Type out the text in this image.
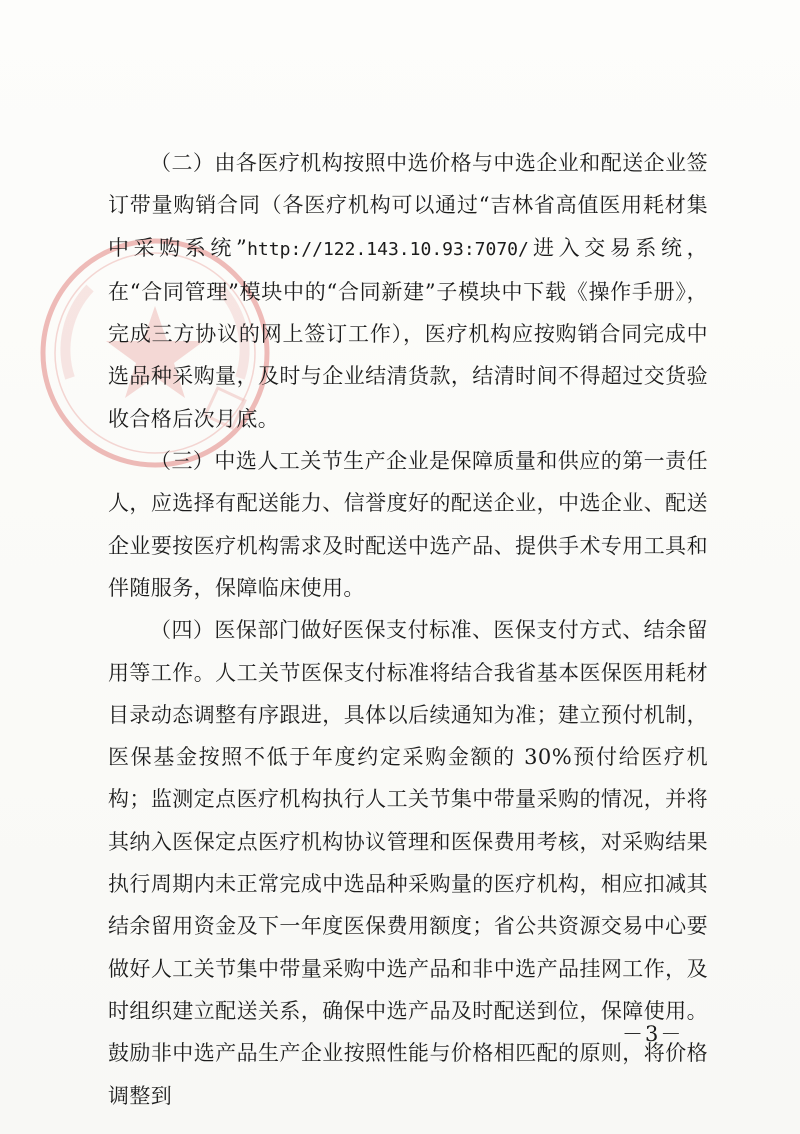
（二）由各医疗机构按照中选价格与中选企业和配送企业签订带量购销合同（各医疗机构可以通过“吉林省高值医用耗材集中采购系统”http://122.143.10.93:7070/进入交易系统，在“合同管理”模块中的“合同新建”子模块中下载《操作手册》，完成三方协议的网上签订工作），医疗机构应按购销合同完成中选品种采购量，及时与企业结清货款，结清时间不得超过交货验收合格后次月底。

（三）中选人工关节生产企业是保障质量和供应的第一责任人，应选择有配送能力、信誉度好的配送企业，中选企业、配送企业要按医疗机构需求及时配送中选产品、提供手术专用工具和伴随服务，保障临床使用。

（四）医保部门做好医保支付标准、医保支付方式、结余留用等工作。人工关节医保支付标准将结合我省基本医保医用耗材目录动态调整有序跟进，具体以后续通知为准；建立预付机制，医保基金按照不低于年度约定采购金额的 30%预付给医疗机构；监测定点医疗机构执行人工关节集中带量采购的情况，并将其纳入医保定点医疗机构协议管理和医保费用考核，对采购结果执行周期内未正常完成中选品种采购量的医疗机构，相应扣减其结余留用资金及下一年度医保费用额度；省公共资源交易中心要做好人工关节集中带量采购中选产品和非中选产品挂网工作，及时组织建立配送关系，确保中选产品及时配送到位，保障使用。鼓励非中选产品生产企业按照性能与价格相匹配的原则，将价格调整到

－3－
